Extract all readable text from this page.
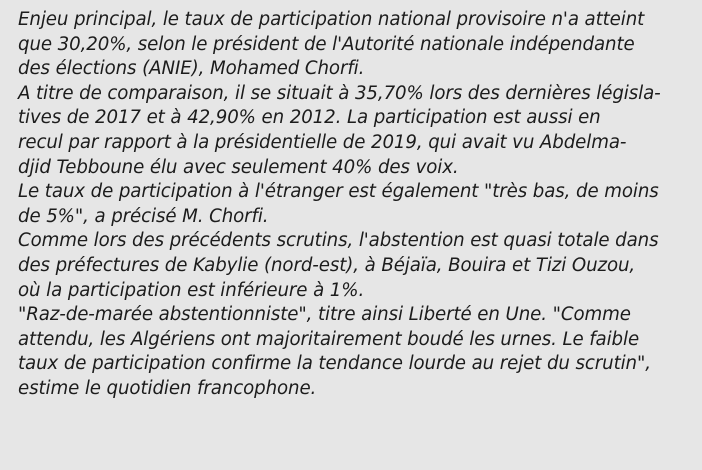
Enjeu principal, le taux de participation national provisoire n'a atteint
que 30,20%, selon le président de l'Autorité nationale indépendante
des élections (ANIE), Mohamed Chorfi.

A titre de comparaison, il se situait à 35,70% lors des dernières législa-
tives de 2017 et à 42,90% en 2012. La participation est aussi en
recul par rapport à la présidentielle de 2019, qui avait vu Abdelma-
djid Tebboune élu avec seulement 40% des voix.

Le taux de participation à l'étranger est également "très bas, de moins
de 5%", a précisé M. Chorfi.

Comme lors des précédents scrutins, l'abstention est quasi totale dans
des préfectures de Kabylie (nord-est), à Béjaïa, Bouira et Tizi Ouzou,
où la participation est inférieure à 1%.

"Raz-de-marée abstentionniste", titre ainsi Liberté en Une. "Comme
attendu, les Algériens ont majoritairement boudé les urnes. Le faible
taux de participation confirme la tendance lourde au rejet du scrutin",
estime le quotidien francophone.
